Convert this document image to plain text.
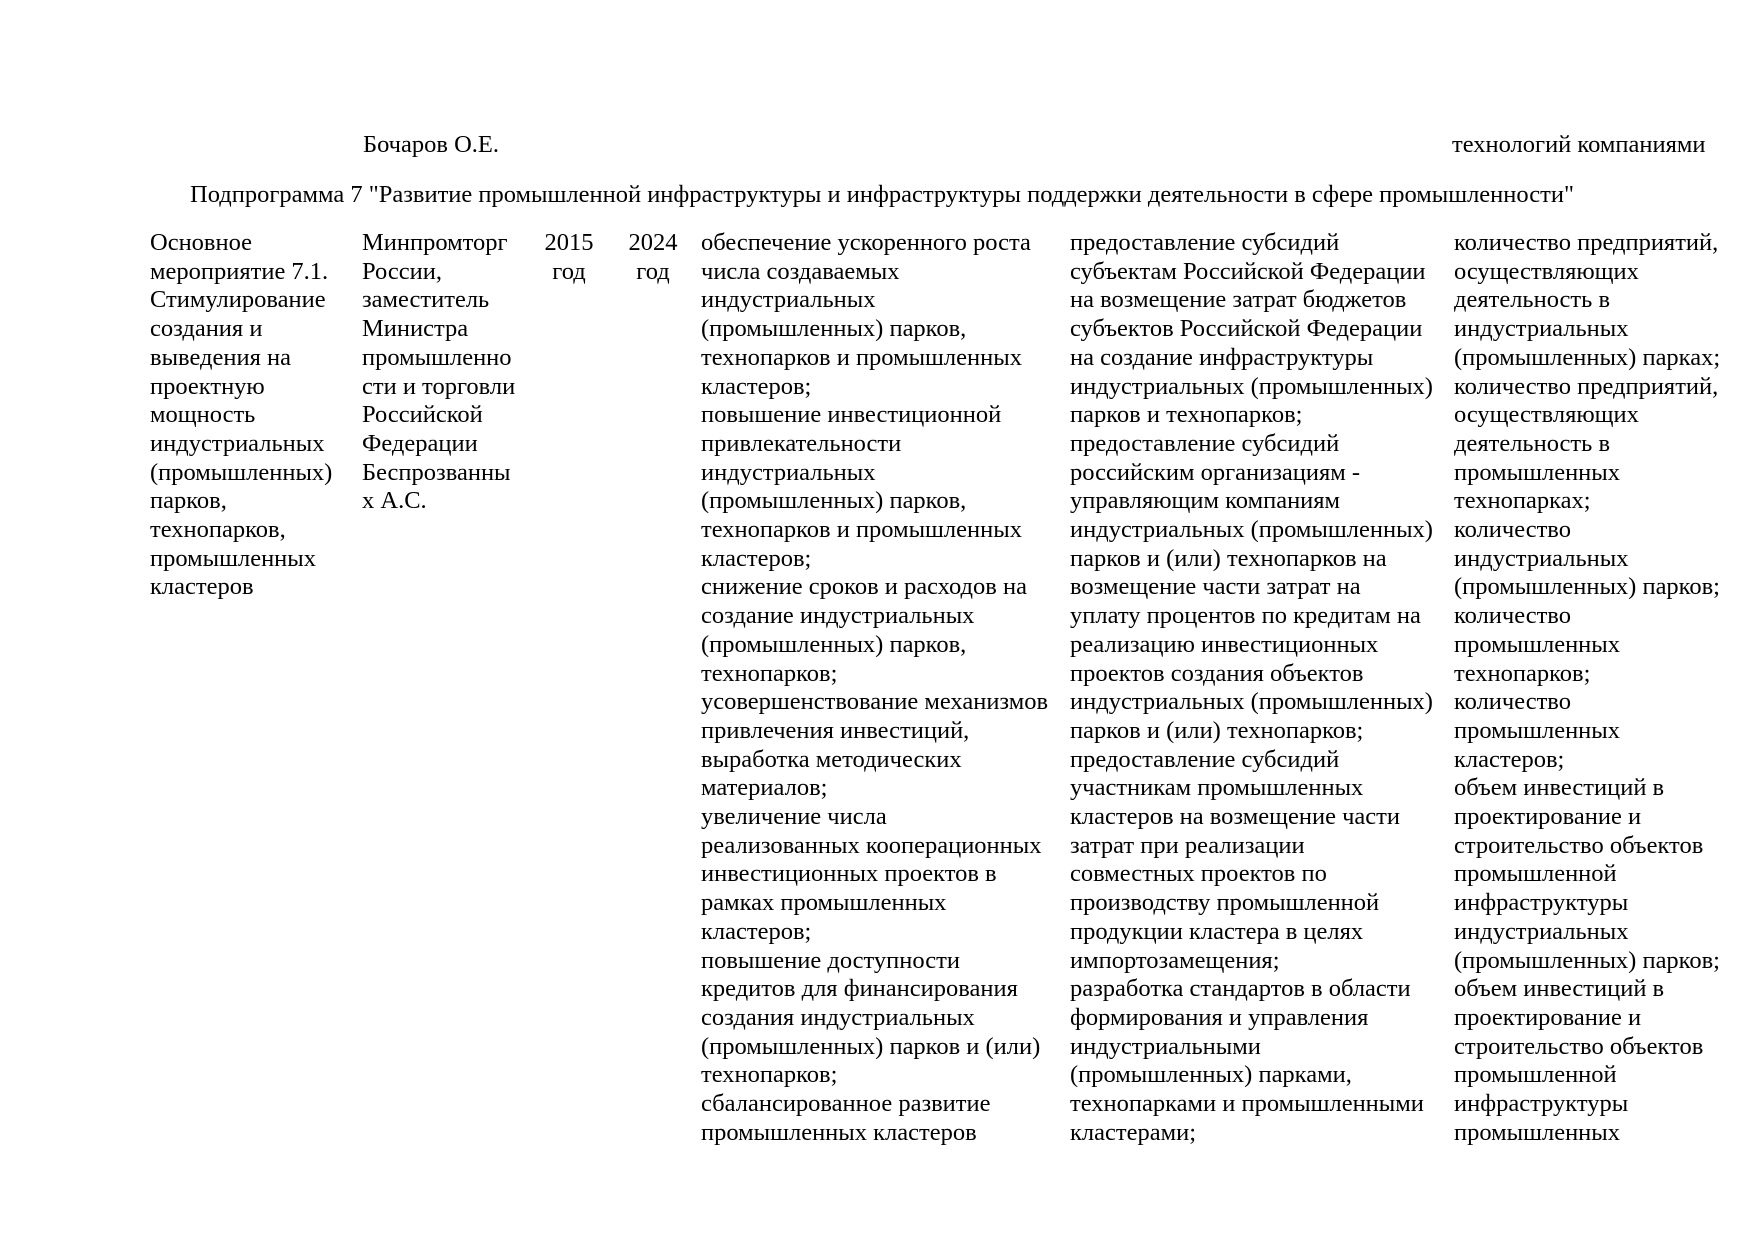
Бочаров О.Е.	технологий компаниями
Подпрограмма 7 "Развитие промышленной инфраструктуры и инфраструктуры поддержки деятельности в сфере промышленности"
Основное
мероприятие 7.1.
Стимулирование
создания и
выведения на
проектную
мощность
индустриальных
(промышленных)
парков,
технопарков,
промышленных
кластеров
Минпромторг
России,
заместитель
Министра
промышленно
сти и торговли
Российской
Федерации
Беспрозванны
х А.С.
2015
год
2024
год
обеспечение ускоренного роста
числа создаваемых
индустриальных
(промышленных) парков,
технопарков и промышленных
кластеров;
повышение инвестиционной
привлекательности
индустриальных
(промышленных) парков,
технопарков и промышленных
кластеров;
снижение сроков и расходов на
создание индустриальных
(промышленных) парков,
технопарков;
усовершенствование механизмов
привлечения инвестиций,
выработка методических
материалов;
увеличение числа
реализованных кооперационных
инвестиционных проектов в
рамках промышленных
кластеров;
повышение доступности
кредитов для финансирования
создания индустриальных
(промышленных) парков и (или)
технопарков;
сбалансированное развитие
промышленных кластеров
предоставление субсидий
субъектам Российской Федерации
на возмещение затрат бюджетов
субъектов Российской Федерации
на создание инфраструктуры
индустриальных (промышленных)
парков и технопарков;
предоставление субсидий
российским организациям -
управляющим компаниям
индустриальных (промышленных)
парков и (или) технопарков на
возмещение части затрат на
уплату процентов по кредитам на
реализацию инвестиционных
проектов создания объектов
индустриальных (промышленных)
парков и (или) технопарков;
предоставление субсидий
участникам промышленных
кластеров на возмещение части
затрат при реализации
совместных проектов по
производству промышленной
продукции кластера в целях
импортозамещения;
разработка стандартов в области
формирования и управления
индустриальными
(промышленных) парками,
технопарками и промышленными
кластерами;
количество предприятий,
осуществляющих
деятельность в
индустриальных
(промышленных) парках;
количество предприятий,
осуществляющих
деятельность в
промышленных
технопарках;
количество
индустриальных
(промышленных) парков;
количество
промышленных
технопарков;
количество
промышленных
кластеров;
объем инвестиций в
проектирование и
строительство объектов
промышленной
инфраструктуры
индустриальных
(промышленных) парков;
объем инвестиций в
проектирование и
строительство объектов
промышленной
инфраструктуры
промышленных
